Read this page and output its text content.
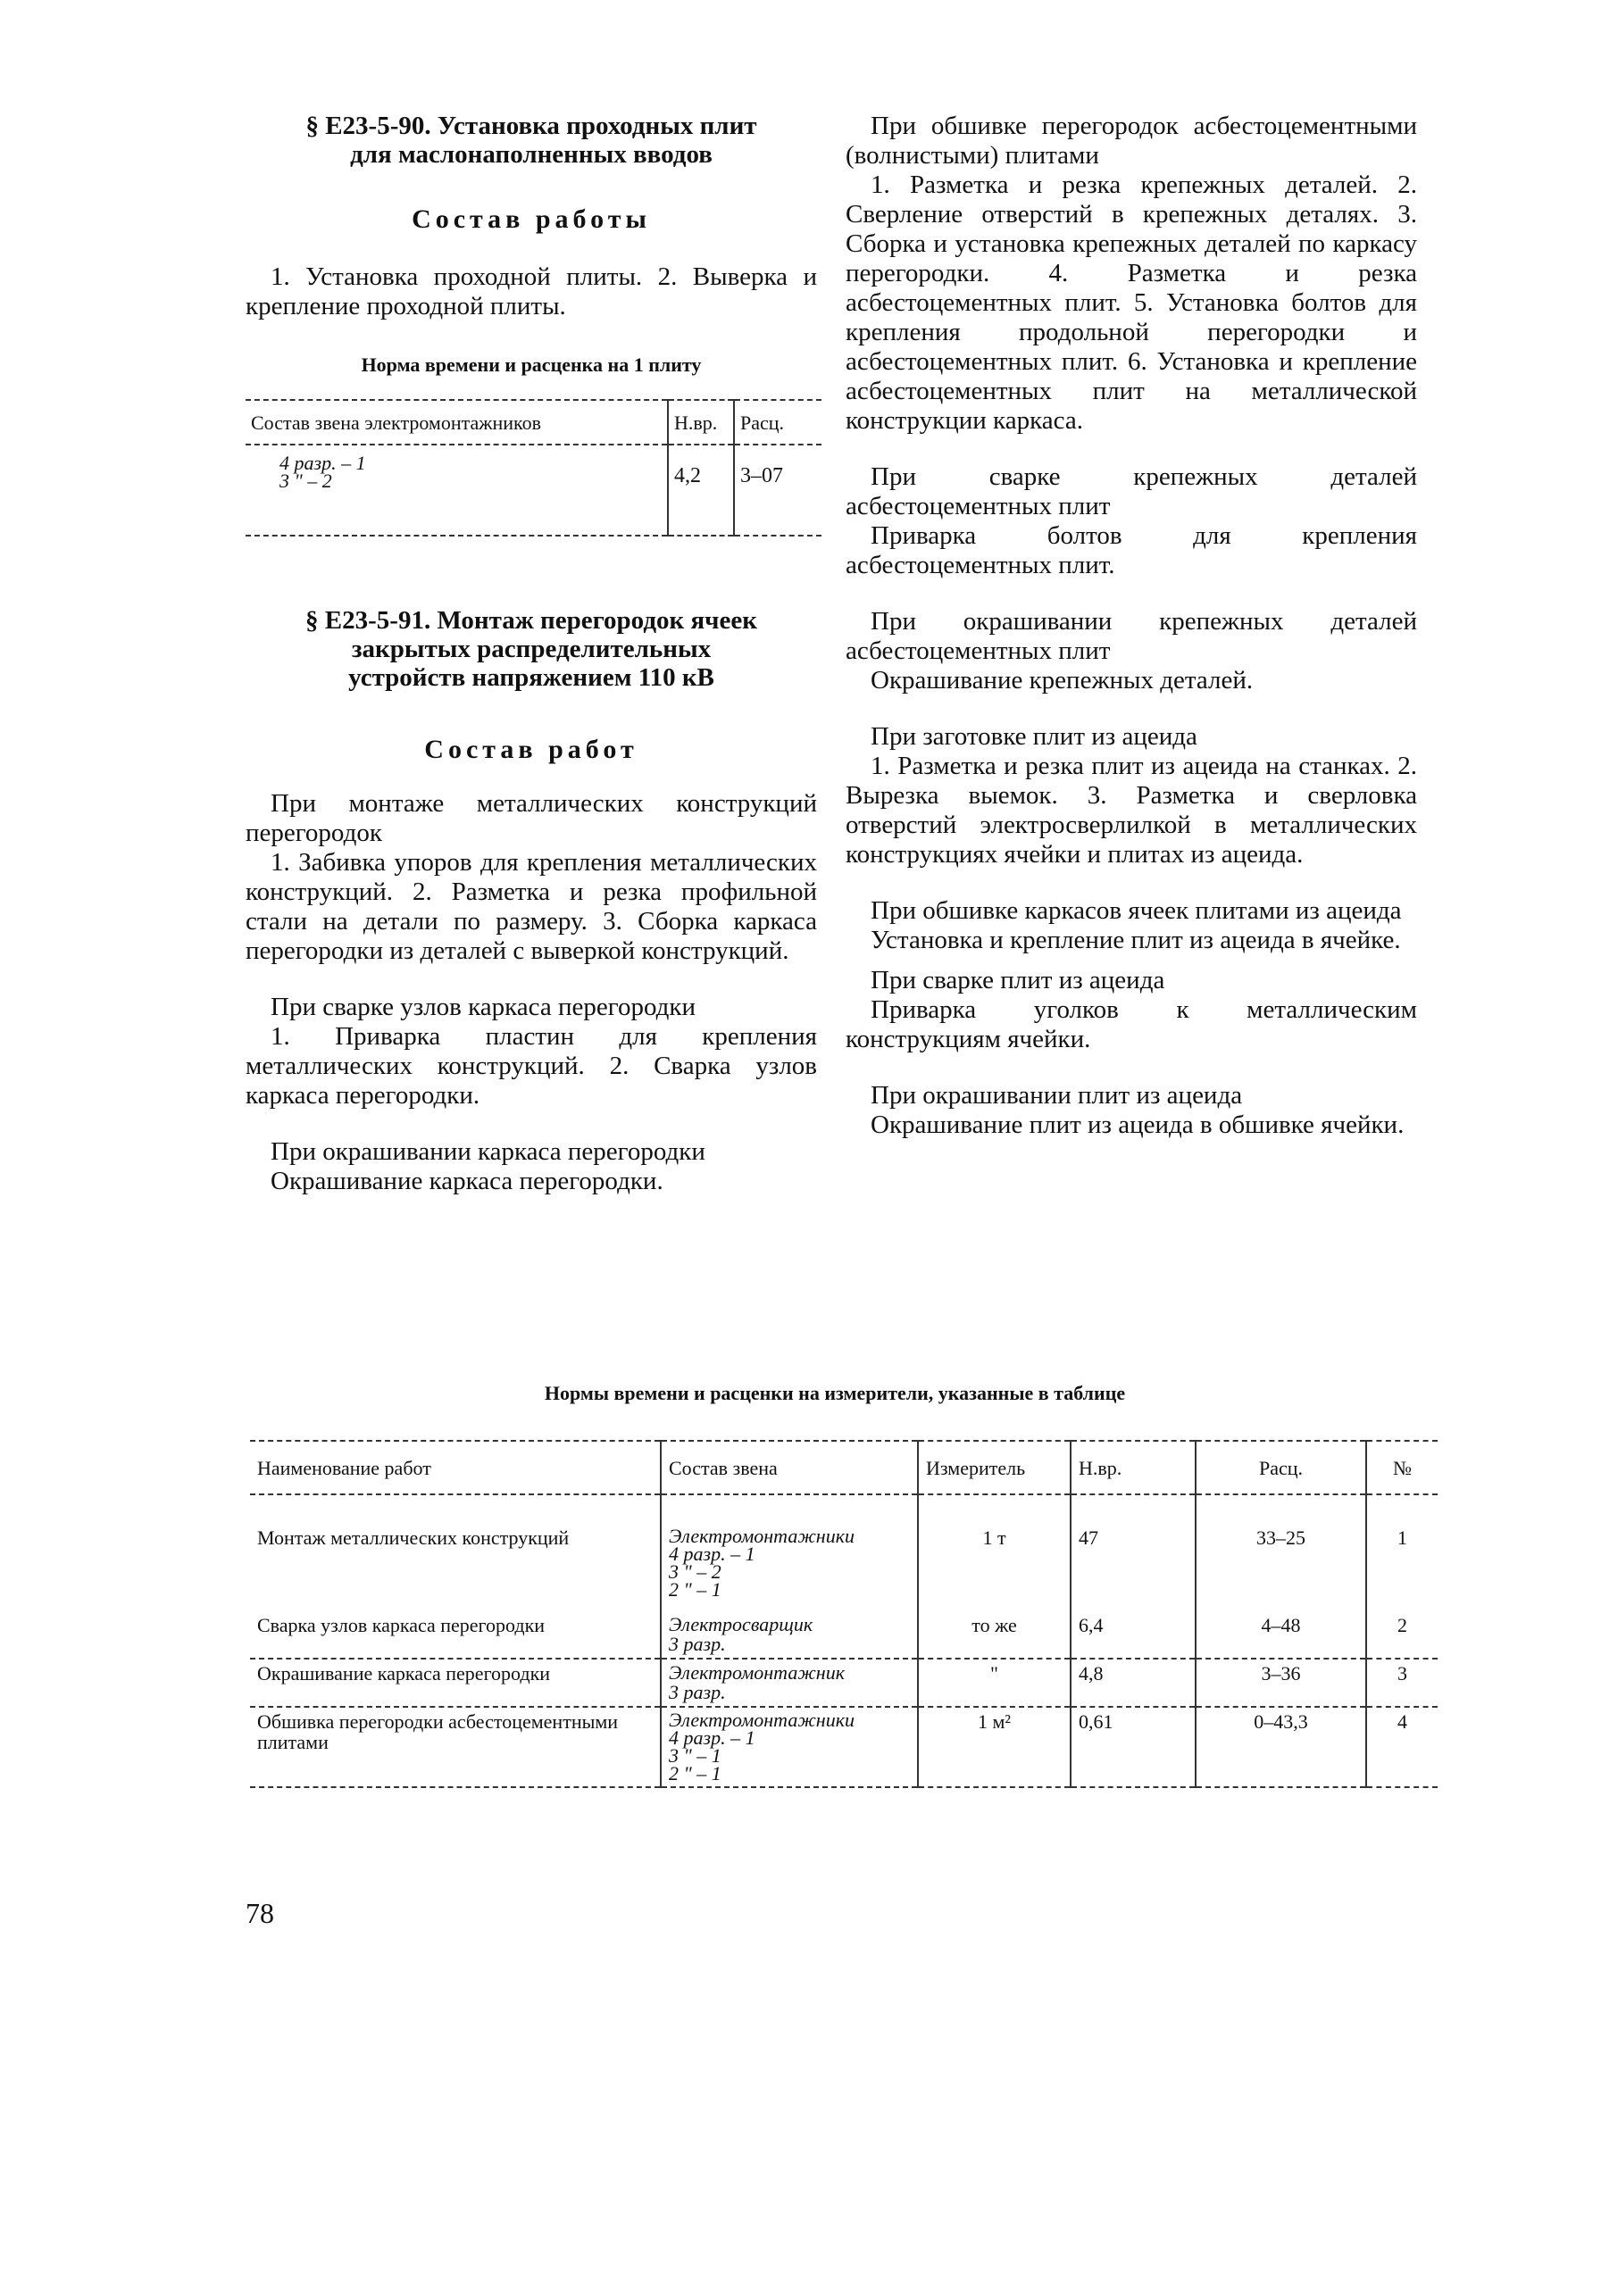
§ Е23-5-90. Установка проходных плит
для маслонаполненных вводов

Состав работы

1. Установка проходной плиты. 2. Выверка и крепление проходной плиты.

Норма времени и расценка на 1 плиту

Состав звена электромонтажников	Н.вр.	Расц.

4 разр. – 1
3 " – 2	4,2	3–07

§ Е23-5-91. Монтаж перегородок ячеек
закрытых распределительных
устройств напряжением 110 кВ

Состав работ

При монтаже металлических конструкций перегородок

1. Забивка упоров для крепления металлических конструкций. 2. Разметка и резка профильной стали на детали по размеру. 3. Сборка каркаса перегородки из деталей с выверкой конструкций.

При сварке узлов каркаса перегородки

1. Приварка пластин для крепления металлических конструкций. 2. Сварка узлов каркаса перегородки.

При окрашивании каркаса перегородки

Окрашивание каркаса перегородки.

При обшивке перегородок асбестоцементными (волнистыми) плитами

1. Разметка и резка крепежных деталей. 2. Сверление отверстий в крепежных деталях. 3. Сборка и установка крепежных деталей по каркасу перегородки. 4. Разметка и резка асбестоцементных плит. 5. Установка болтов для крепления продольной перегородки и асбестоцементных плит. 6. Установка и крепление асбестоцементных плит на металлической конструкции каркаса.

При сварке крепежных деталей асбестоцементных плит

Приварка болтов для крепления асбестоцементных плит.

При окрашивании крепежных деталей асбестоцементных плит

Окрашивание крепежных деталей.

При заготовке плит из ацеида

1. Разметка и резка плит из ацеида на станках. 2. Вырезка выемок. 3. Разметка и сверловка отверстий электросверлилкой в металлических конструкциях ячейки и плитах из ацеида.

При обшивке каркасов ячеек плитами из ацеида

Установка и крепление плит из ацеида в ячейке.

При сварке плит из ацеида

Приварка уголков к металлическим конструкциям ячейки.

При окрашивании плит из ацеида

Окрашивание плит из ацеида в обшивке ячейки.

Нормы времени и расценки на измерители, указанные в таблице
Наименование работ	Состав звена	Измеритель	Н.вр.	Расц.	№
Монтаж металлических конструкций	Электромонтажники
4 разр. – 1
3 " – 2
2 " – 1	1 т	47	33–25	1
Сварка узлов каркаса перегородки	Электросварщик
3 разр.	то же	6,4	4–48	2
Окрашивание каркаса перегородки	Электромонтажник
3 разр.	"	4,8	3–36	3
Обшивка перегородки асбестоцементными плитами	Электромонтажники
4 разр. – 1
3 " – 1
2 " – 1	1 м²	0,61	0–43,3	4
78
